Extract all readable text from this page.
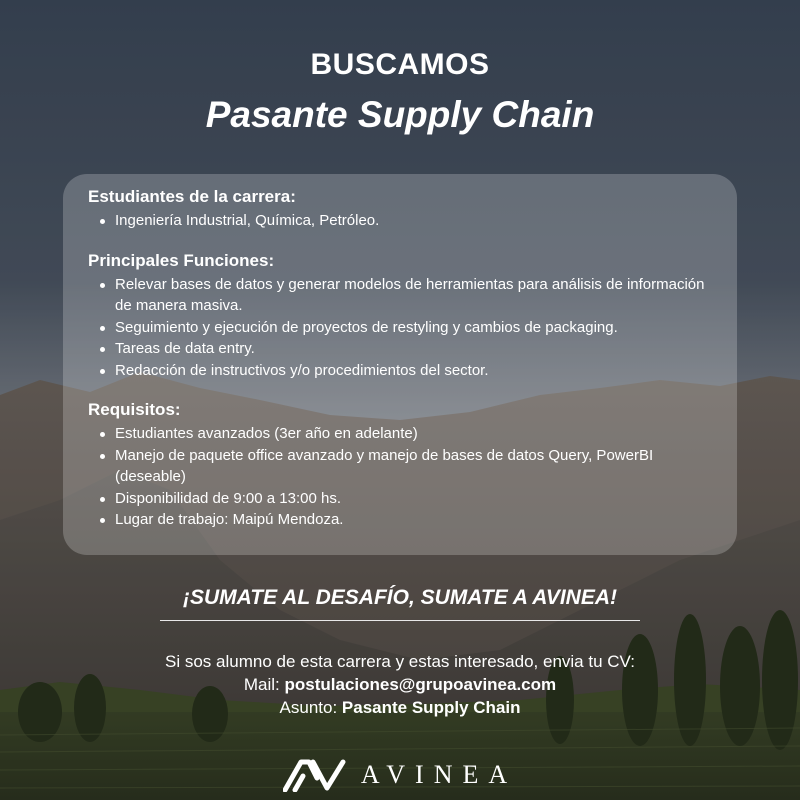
BUSCAMOS
Pasante Supply Chain

Estudiantes de la carrera:

Ingeniería Industrial, Química, Petróleo.

Principales Funciones:

Relevar bases de datos y generar modelos de herramientas para análisis de información de manera masiva.
Seguimiento y ejecución de proyectos de restyling y cambios de packaging.
Tareas de data entry.
Redacción de instructivos y/o procedimientos del sector.

Requisitos:

Estudiantes avanzados (3er año en adelante)
Manejo de paquete office avanzado y manejo de bases de datos Query, PowerBI (deseable)
Disponibilidad de 9:00 a 13:00 hs.
Lugar de trabajo: Maipú Mendoza.
¡SUMATE AL DESAFÍO, SUMATE A AVINEA!
Si sos alumno de esta carrera y estas interesado, envia tu CV:
Mail: postulaciones@grupoavinea.com
Asunto: Pasante Supply Chain
AVINEA
